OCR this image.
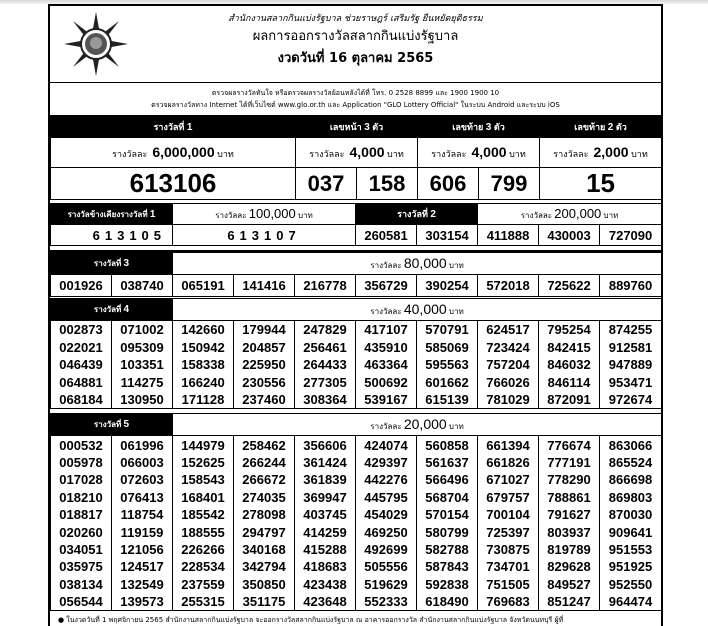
สำนักงานสลากกินแบ่งรัฐบาล ช่วยราษฎร์ เสริมรัฐ ยืนหยัดยุติธรรม
ผลการออกรางวัลสลากกินแบ่งรัฐบาล
งวดวันที่ 16 ตุลาคม 2565
ตรวจผลรางวัลทันใจ หรือตรวจผลรางวัลย้อนหลังได้ที่ โทร. 0 2528 8899 และ 1900 1900 10
ตรวจผลรางวัลทาง Internet ได้ที่เว็บไซต์ www.glo.or.th และ Application "GLO Lottery Official" ในระบบ Android และระบบ iOS
รางวัลที่ 1	เลขหน้า 3 ตัว		เลขท้าย 3 ตัว		เลขท้าย 2 ตัว
รางวัลละ 6,000,000 บาท	รางวัลละ 4,000 บาท		รางวัลละ 4,000 บาท		รางวัลละ 2,000 บาท
613106	037	158	606	799	15
รางวัลข้างเคียงรางวัลที่ 1	รางวัลละ 100,000 บาท	รางวัลที่ 2		รางวัลละ 200,000 บาท		
613105	613107	260581	303154	411888	430003	727090
รางวัลที่ 3		รางวัลละ 80,000 บาท							
001926	038740	065191	141416	216778	356729	390254	572018	725622	889760
รางวัลที่ 4	รางวัลละ 40,000 บาท
002873	071002	142660	179944	247829	417107	570791	624517	795254	874255
022021	095309	150942	204857	256461	435910	585069	723424	842415	912581
046439	103351	158338	225950	264433	463364	595563	757204	846032	947889
064881	114275	166240	230556	277305	500692	601662	766026	846114	953471
068184	130950	171128	237460	308364	539167	615139	781029	872091	972674
รางวัลที่ 5	รางวัลละ 20,000 บาท
000532	061996	144979	258462	356606	424074	560858	661394	776674	863066
005978	066003	152625	266244	361424	429397	561637	661826	777191	865524
017028	072603	158543	266672	361839	442276	566496	671027	778290	866698
018210	076413	168401	274035	369947	445795	568704	679757	788861	869803
018817	118754	185542	278098	403745	454029	570154	700104	791627	870030
020260	119159	188555	294797	414259	469250	580799	725397	803937	909641
034051	121056	226266	340168	415288	492699	582788	730875	819789	951553
035975	124517	228534	342794	418683	505556	587843	734701	829628	951925
038134	132549	237559	350850	423438	519629	592838	751505	849527	952550
056544	139573	255315	351175	423648	552333	618490	769683	851247	964474
● ในงวดวันที่ 1 พฤศจิกายน 2565 สำนักงานสลากกินแบ่งรัฐบาล จะออกรางวัลสลากกินแบ่งรัฐบาล ณ อาคารออกรางวัล สำนักงานสลากกินแบ่งรัฐบาล จังหวัดนนทบุรี ผู้ที่
